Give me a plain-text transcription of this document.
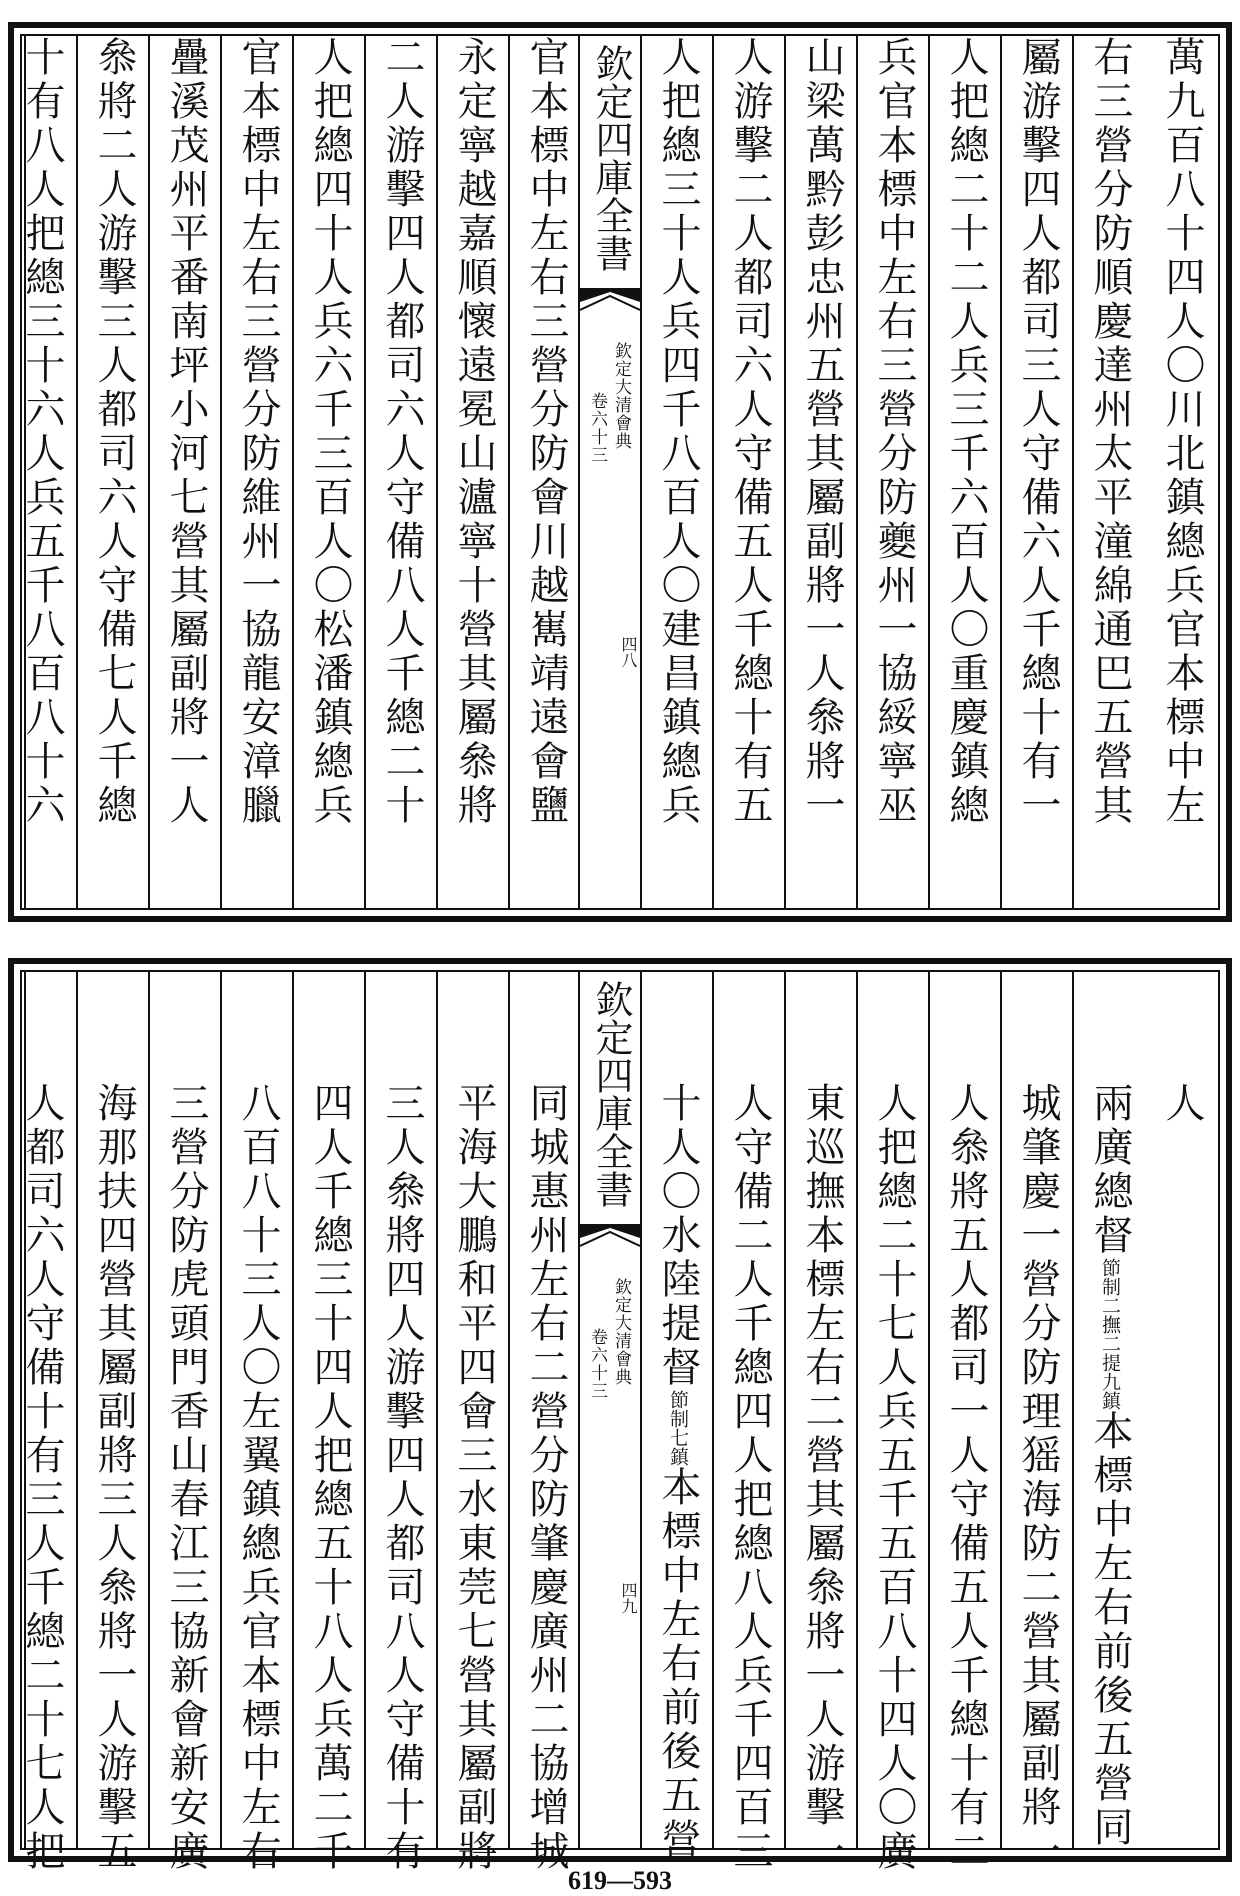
萬九百八十四人〇川北鎮總兵官本標中左
右三營分防順慶達州太平潼綿通巴五營其
屬游擊四人都司三人守備六人千總十有一
人把總二十二人兵三千六百人〇重慶鎮總
兵官本標中左右三營分防夔州一協綏寧巫
山梁萬黔彭忠州五營其屬副將一人叅將一
人游擊二人都司六人守備五人千總十有五
人把總三十人兵四千八百人〇建昌鎮總兵
欽定四庫全書
欽定大清會典
卷六十三
四八
官本標中左右三營分防會川越嶲靖遠會鹽
永定寧越嘉順懷遠冕山瀘寧十營其屬叅將
二人游擊四人都司六人守備八人千總二十
人把總四十人兵六千三百人〇松潘鎮總兵
官本標中左右三營分防維州一協龍安漳臘
疊溪茂州平番南坪小河七營其屬副將一人
叅將二人游擊三人都司六人守備七人千總
十有八人把總三十六人兵五千八百八十六
人
兩廣總督節制二撫二提九鎮本標中左右前後五營同
城肇慶一營分防理猺海防二營其屬副將一
人叅將五人都司一人守備五人千總十有二
人把總二十七人兵五千五百八十四人〇廣
東巡撫本標左右二營其屬叅將一人游擊一
人守備二人千總四人把總八人兵千四百三
十人〇水陸提督節制七鎮本標中左右前後五營
欽定四庫全書
欽定大清會典
卷六十三
四九
同城惠州左右二營分防肇慶廣州二協增城
平海大鵬和平四會三水東莞七營其屬副將
三人叅將四人游擊四人都司八人守備十有
四人千總三十四人把總五十八人兵萬二千
八百八十三人〇左翼鎮總兵官本標中左右
三營分防虎頭門香山春江三協新會新安廣
海那扶四營其屬副將三人叅將一人游擊五
人都司六人守備十有三人千總二十七人把
619—593
